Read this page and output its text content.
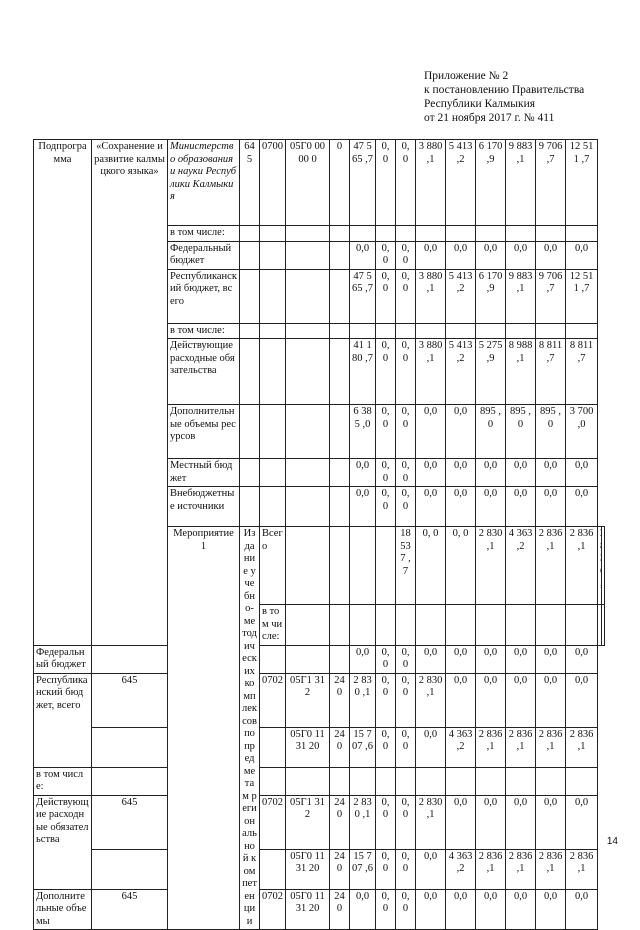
Приложение № 2
к постановлению Правительства
Республики Калмыкия
от 21 ноября 2017 г. № 411
Подпрограмма	«Сохранение и развитие калмыцкого языка»	Министерство образования и науки Республики Калмыкия	645	0700	05Г0 0000 0	0	47 565 ,7	0, 0	0, 0	3 880 ,1	5 413 ,2	6 170 ,9	9 883 ,1	9 706 ,7	12 511 ,7		
		в том числе:															
		Федеральный бюджет					0,0	0, 0	0, 0	0,0	0,0	0,0	0,0	0,0	0,0		
		Республиканский бюджет, всего					47 565 ,7	0, 0	0, 0	3 880 ,1	5 413 ,2	6 170 ,9	9 883 ,1	9 706 ,7	12 511 ,7		
		в том числе:															
		Действующие расходные обязательства					41 180 ,7	0, 0	0, 0	3 880 ,1	5 413 ,2	5 275 ,9	8 988 ,1	8 811 ,7	8 811 ,7		
		Дополнительные объемы ресурсов					6 385 ,0	0, 0	0, 0	0,0	0,0	895 ,0	895 ,0	895 ,0	3 700 ,0		
		Местный бюджет					0,0	0, 0	0, 0	0,0	0,0	0,0	0,0	0,0	0,0		
		Внебюджетные источники					0,0	0, 0	0, 0	0,0	0,0	0,0	0,0	0,0	0,0		
		Мероприятие 1	Издание учебно-методических комплексов по предметам региональной компетенции	Всего					18 537 ,7	0, 0	0, 0	2 830 ,1	4 363 ,2	2 836 ,1	2 836 ,1		
				в том числе:													
Федеральный бюджет							0,0	0, 0	0, 0	0,0	0,0	0,0	0,0	0,0	0,0		
Республиканский бюджет, всего	645			0702	05Г1 312	240	2 830 ,1	0, 0	0, 0	2 830 ,1	0,0	0,0	0,0	0,0	0,0		
					05Г0 1131 20	240	15 707 ,6	0, 0	0, 0	0,0	4 363 ,2	2 836 ,1	2 836 ,1	2 836 ,1	2 836 ,1		
в том числе:																	
Действующие расходные обязательства	645			0702	05Г1 312	240	2 830 ,1	0, 0	0, 0	2 830 ,1	0,0	0,0	0,0	0,0	0,0		
					05Г0 1131 20	240	15 707 ,6	0, 0	0, 0	0,0	4 363 ,2	2 836 ,1	2 836 ,1	2 836 ,1	2 836 ,1		
Дополнительные объемы	645			0702	05Г0 1131 20	240	0,0	0, 0	0, 0	0,0	0,0	0,0	0,0	0,0	0,0		
14
